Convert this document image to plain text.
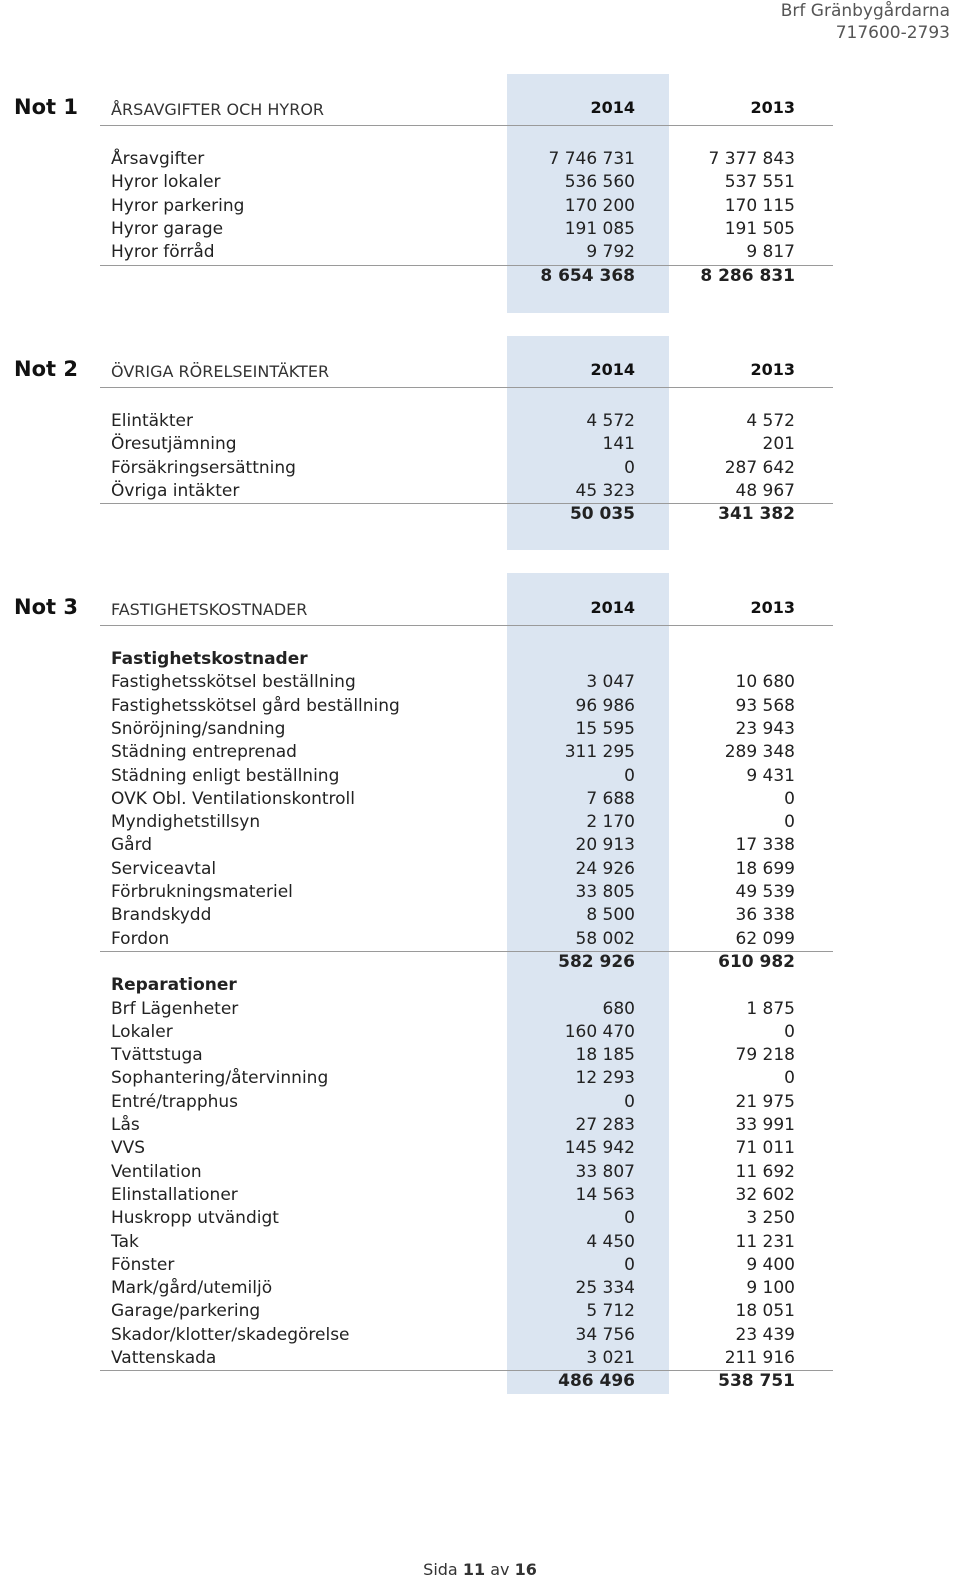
Brf Gränbygårdarna
717600-2793
Not 1 ÅRSAVGIFTER OCH HYROR	2014	2013
Årsavgifter	7 746 731	7 377 843
Hyror lokaler	536 560	537 551
Hyror parkering	170 200	170 115
Hyror garage	191 085	191 505
Hyror förråd	9 792	9 817
8 654 368	8 286 831
Not 2 ÖVRIGA RÖRELSEINTÄKTER	2014	2013
Elintäkter	4 572	4 572
Öresutjämning	141	201
Försäkringsersättning	0	287 642
Övriga intäkter	45 323	48 967
50 035	341 382
Not 3 FASTIGHETSKOSTNADER	2014	2013
Fastighetskostnader
Fastighetsskötsel beställning	3 047	10 680
Fastighetsskötsel gård beställning	96 986	93 568
Snöröjning/sandning	15 595	23 943
Städning entreprenad	311 295	289 348
Städning enligt beställning	0	9 431
OVK Obl. Ventilationskontroll	7 688	0
Myndighetstillsyn	2 170	0
Gård	20 913	17 338
Serviceavtal	24 926	18 699
Förbrukningsmateriel	33 805	49 539
Brandskydd	8 500	36 338
Fordon	58 002	62 099
582 926	610 982
Reparationer
Brf Lägenheter	680	1 875
Lokaler	160 470	0
Tvättstuga	18 185	79 218
Sophantering/återvinning	12 293	0
Entré/trapphus	0	21 975
Lås	27 283	33 991
VVS	145 942	71 011
Ventilation	33 807	11 692
Elinstallationer	14 563	32 602
Huskropp utvändigt	0	3 250
Tak	4 450	11 231
Fönster	0	9 400
Mark/gård/utemiljö	25 334	9 100
Garage/parkering	5 712	18 051
Skador/klotter/skadegörelse	34 756	23 439
Vattenskada	3 021	211 916
486 496	538 751
Sida 11 av 16
